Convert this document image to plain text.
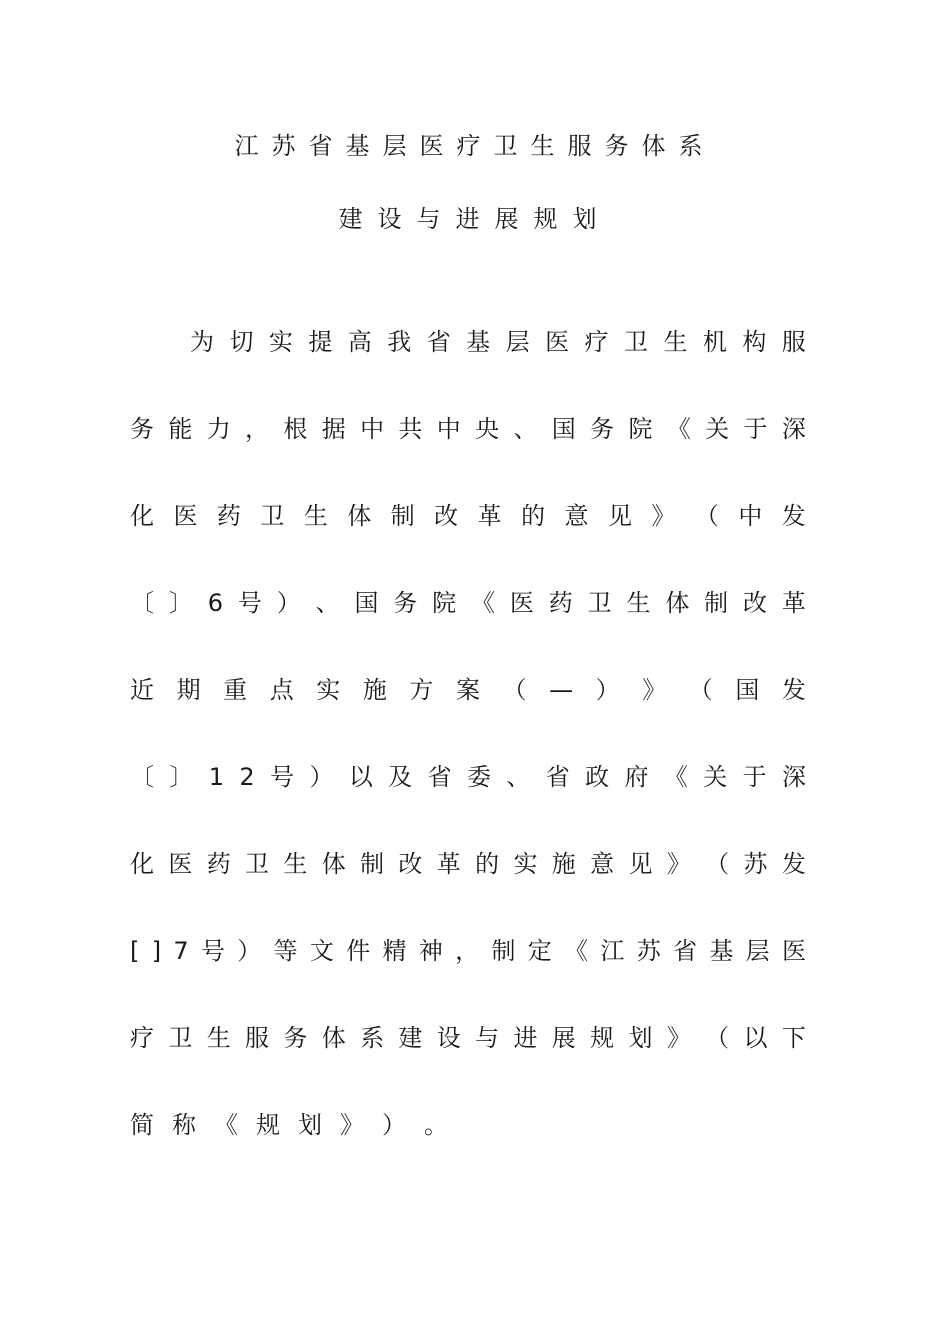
江苏省基层医疗卫生服务体系
建设与进展规划
为 切 实 提 高 我 省 基 层 医 疗 卫 生 机 构 服
务 能 力 ， 根 据 中 共 中 央 、 国 务 院 《 关 于 深
化 医 药 卫 生 体 制 改 革 的 意 见 》 （ 中 发
〔 〕 6 号 ） 、 国 务 院 《 医 药 卫 生 体 制 改 革
近 期 重 点 实 施 方 案 （ — ） 》 （ 国 发
〔 〕 1 2 号 ） 以 及 省 委 、 省 政 府 《 关 于 深
化 医 药 卫 生 体 制 改 革 的 实 施 意 见 》 （ 苏 发
[ ] 7 号 ） 等 文 件 精 神 ， 制 定 《 江 苏 省 基 层 医
疗 卫 生 服 务 体 系 建 设 与 进 展 规 划 》 （ 以 下
简 称 《 规 划 》 ） 。
